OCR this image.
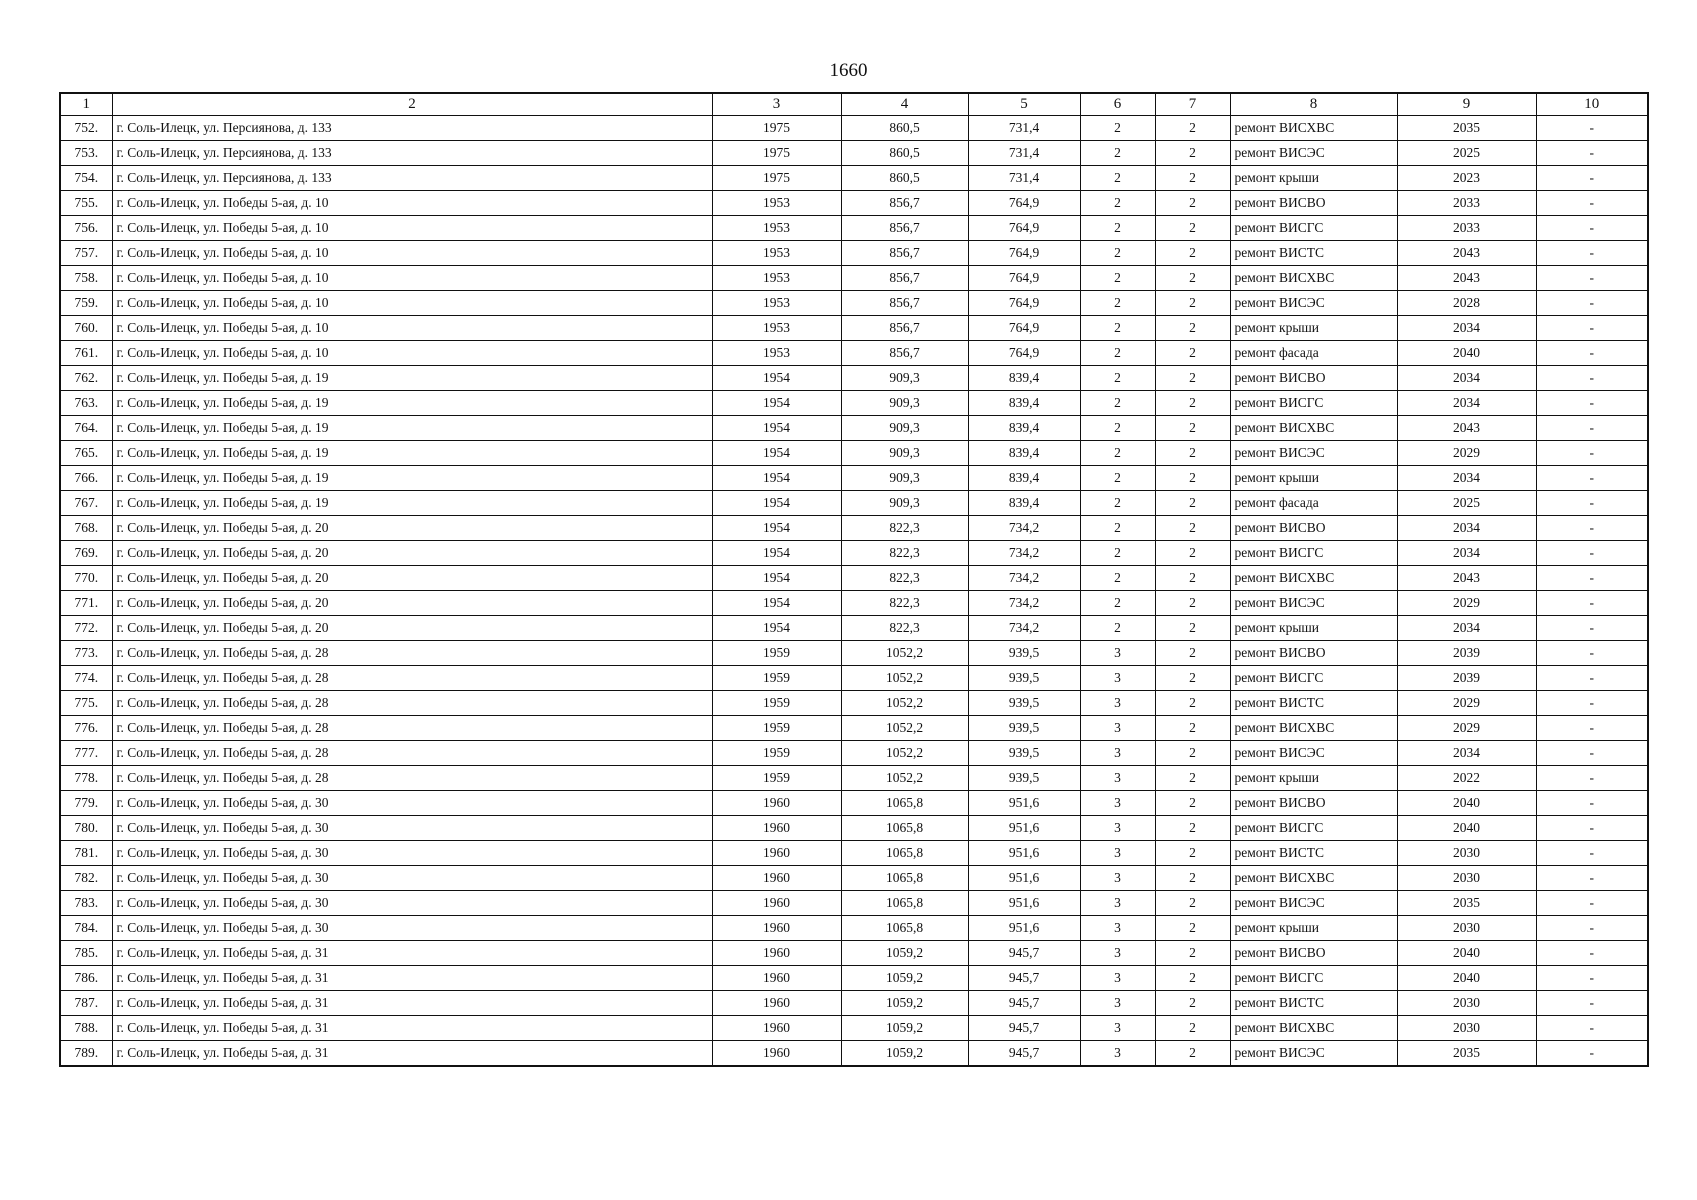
1660
1	2	3	4	5	6	7	8	9	10
752.	г. Соль-Илецк, ул. Персиянова, д. 133	1975	860,5	731,4	2	2	ремонт ВИСХВС	2035	-
753.	г. Соль-Илецк, ул. Персиянова, д. 133	1975	860,5	731,4	2	2	ремонт ВИСЭС	2025	-
754.	г. Соль-Илецк, ул. Персиянова, д. 133	1975	860,5	731,4	2	2	ремонт крыши	2023	-
755.	г. Соль-Илецк, ул. Победы 5-ая, д. 10	1953	856,7	764,9	2	2	ремонт ВИСВО	2033	-
756.	г. Соль-Илецк, ул. Победы 5-ая, д. 10	1953	856,7	764,9	2	2	ремонт ВИСГС	2033	-
757.	г. Соль-Илецк, ул. Победы 5-ая, д. 10	1953	856,7	764,9	2	2	ремонт ВИСТС	2043	-
758.	г. Соль-Илецк, ул. Победы 5-ая, д. 10	1953	856,7	764,9	2	2	ремонт ВИСХВС	2043	-
759.	г. Соль-Илецк, ул. Победы 5-ая, д. 10	1953	856,7	764,9	2	2	ремонт ВИСЭС	2028	-
760.	г. Соль-Илецк, ул. Победы 5-ая, д. 10	1953	856,7	764,9	2	2	ремонт крыши	2034	-
761.	г. Соль-Илецк, ул. Победы 5-ая, д. 10	1953	856,7	764,9	2	2	ремонт фасада	2040	-
762.	г. Соль-Илецк, ул. Победы 5-ая, д. 19	1954	909,3	839,4	2	2	ремонт ВИСВО	2034	-
763.	г. Соль-Илецк, ул. Победы 5-ая, д. 19	1954	909,3	839,4	2	2	ремонт ВИСГС	2034	-
764.	г. Соль-Илецк, ул. Победы 5-ая, д. 19	1954	909,3	839,4	2	2	ремонт ВИСХВС	2043	-
765.	г. Соль-Илецк, ул. Победы 5-ая, д. 19	1954	909,3	839,4	2	2	ремонт ВИСЭС	2029	-
766.	г. Соль-Илецк, ул. Победы 5-ая, д. 19	1954	909,3	839,4	2	2	ремонт крыши	2034	-
767.	г. Соль-Илецк, ул. Победы 5-ая, д. 19	1954	909,3	839,4	2	2	ремонт фасада	2025	-
768.	г. Соль-Илецк, ул. Победы 5-ая, д. 20	1954	822,3	734,2	2	2	ремонт ВИСВО	2034	-
769.	г. Соль-Илецк, ул. Победы 5-ая, д. 20	1954	822,3	734,2	2	2	ремонт ВИСГС	2034	-
770.	г. Соль-Илецк, ул. Победы 5-ая, д. 20	1954	822,3	734,2	2	2	ремонт ВИСХВС	2043	-
771.	г. Соль-Илецк, ул. Победы 5-ая, д. 20	1954	822,3	734,2	2	2	ремонт ВИСЭС	2029	-
772.	г. Соль-Илецк, ул. Победы 5-ая, д. 20	1954	822,3	734,2	2	2	ремонт крыши	2034	-
773.	г. Соль-Илецк, ул. Победы 5-ая, д. 28	1959	1052,2	939,5	3	2	ремонт ВИСВО	2039	-
774.	г. Соль-Илецк, ул. Победы 5-ая, д. 28	1959	1052,2	939,5	3	2	ремонт ВИСГС	2039	-
775.	г. Соль-Илецк, ул. Победы 5-ая, д. 28	1959	1052,2	939,5	3	2	ремонт ВИСТС	2029	-
776.	г. Соль-Илецк, ул. Победы 5-ая, д. 28	1959	1052,2	939,5	3	2	ремонт ВИСХВС	2029	-
777.	г. Соль-Илецк, ул. Победы 5-ая, д. 28	1959	1052,2	939,5	3	2	ремонт ВИСЭС	2034	-
778.	г. Соль-Илецк, ул. Победы 5-ая, д. 28	1959	1052,2	939,5	3	2	ремонт крыши	2022	-
779.	г. Соль-Илецк, ул. Победы 5-ая, д. 30	1960	1065,8	951,6	3	2	ремонт ВИСВО	2040	-
780.	г. Соль-Илецк, ул. Победы 5-ая, д. 30	1960	1065,8	951,6	3	2	ремонт ВИСГС	2040	-
781.	г. Соль-Илецк, ул. Победы 5-ая, д. 30	1960	1065,8	951,6	3	2	ремонт ВИСТС	2030	-
782.	г. Соль-Илецк, ул. Победы 5-ая, д. 30	1960	1065,8	951,6	3	2	ремонт ВИСХВС	2030	-
783.	г. Соль-Илецк, ул. Победы 5-ая, д. 30	1960	1065,8	951,6	3	2	ремонт ВИСЭС	2035	-
784.	г. Соль-Илецк, ул. Победы 5-ая, д. 30	1960	1065,8	951,6	3	2	ремонт крыши	2030	-
785.	г. Соль-Илецк, ул. Победы 5-ая, д. 31	1960	1059,2	945,7	3	2	ремонт ВИСВО	2040	-
786.	г. Соль-Илецк, ул. Победы 5-ая, д. 31	1960	1059,2	945,7	3	2	ремонт ВИСГС	2040	-
787.	г. Соль-Илецк, ул. Победы 5-ая, д. 31	1960	1059,2	945,7	3	2	ремонт ВИСТС	2030	-
788.	г. Соль-Илецк, ул. Победы 5-ая, д. 31	1960	1059,2	945,7	3	2	ремонт ВИСХВС	2030	-
789.	г. Соль-Илецк, ул. Победы 5-ая, д. 31	1960	1059,2	945,7	3	2	ремонт ВИСЭС	2035	-
